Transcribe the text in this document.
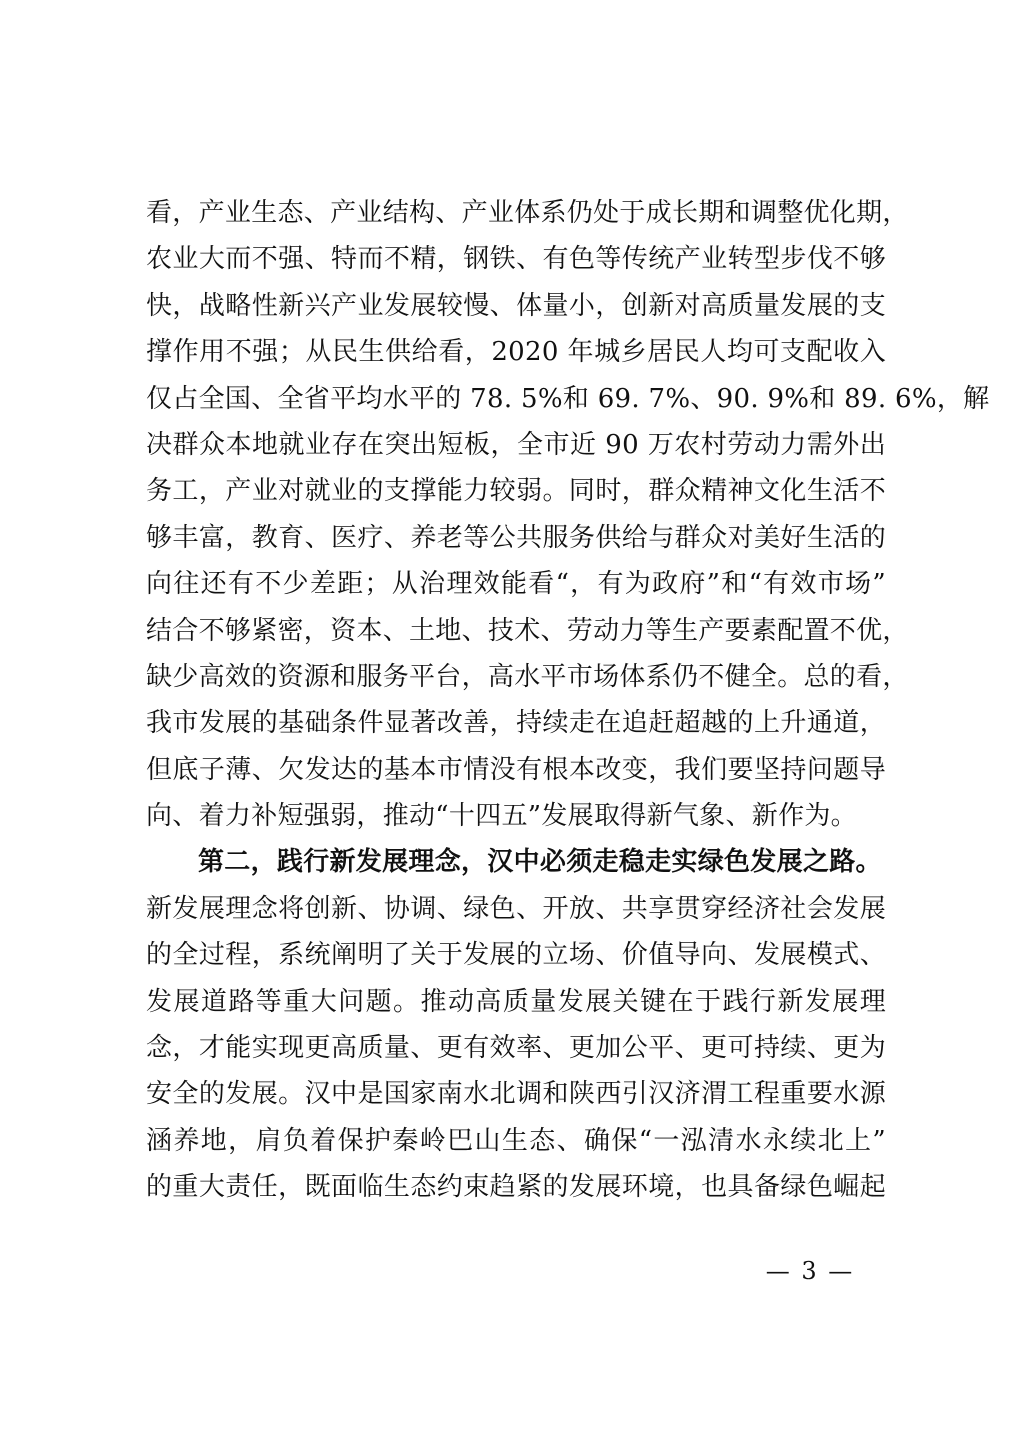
看，产业生态、产业结构、产业体系仍处于成长期和调整优化期，
农业大而不强、特而不精，钢铁、有色等传统产业转型步伐不够
快，战略性新兴产业发展较慢、体量小，创新对高质量发展的支
撑作用不强；从民生供给看，2020 年城乡居民人均可支配收入
仅占全国、全省平均水平的 78. 5%和 69. 7%、90. 9%和 89. 6%，解
决群众本地就业存在突出短板，全市近 90 万农村劳动力需外出
务工，产业对就业的支撑能力较弱。同时，群众精神文化生活不
够丰富，教育、医疗、养老等公共服务供给与群众对美好生活的
向往还有不少差距；从治理效能看“，有为政府”和“有效市场”
结合不够紧密，资本、土地、技术、劳动力等生产要素配置不优，
缺少高效的资源和服务平台，高水平市场体系仍不健全。总的看，
我市发展的基础条件显著改善，持续走在追赶超越的上升通道，
但底子薄、欠发达的基本市情没有根本改变，我们要坚持问题导
向、着力补短强弱，推动“十四五”发展取得新气象、新作为。
第二，践行新发展理念，汉中必须走稳走实绿色发展之路。
新发展理念将创新、协调、绿色、开放、共享贯穿经济社会发展
的全过程，系统阐明了关于发展的立场、价值导向、发展模式、
发展道路等重大问题。推动高质量发展关键在于践行新发展理
念，才能实现更高质量、更有效率、更加公平、更可持续、更为
安全的发展。汉中是国家南水北调和陕西引汉济渭工程重要水源
涵养地，肩负着保护秦岭巴山生态、确保“一泓清水永续北上”
的重大责任，既面临生态约束趋紧的发展环境，也具备绿色崛起
— 3 —
